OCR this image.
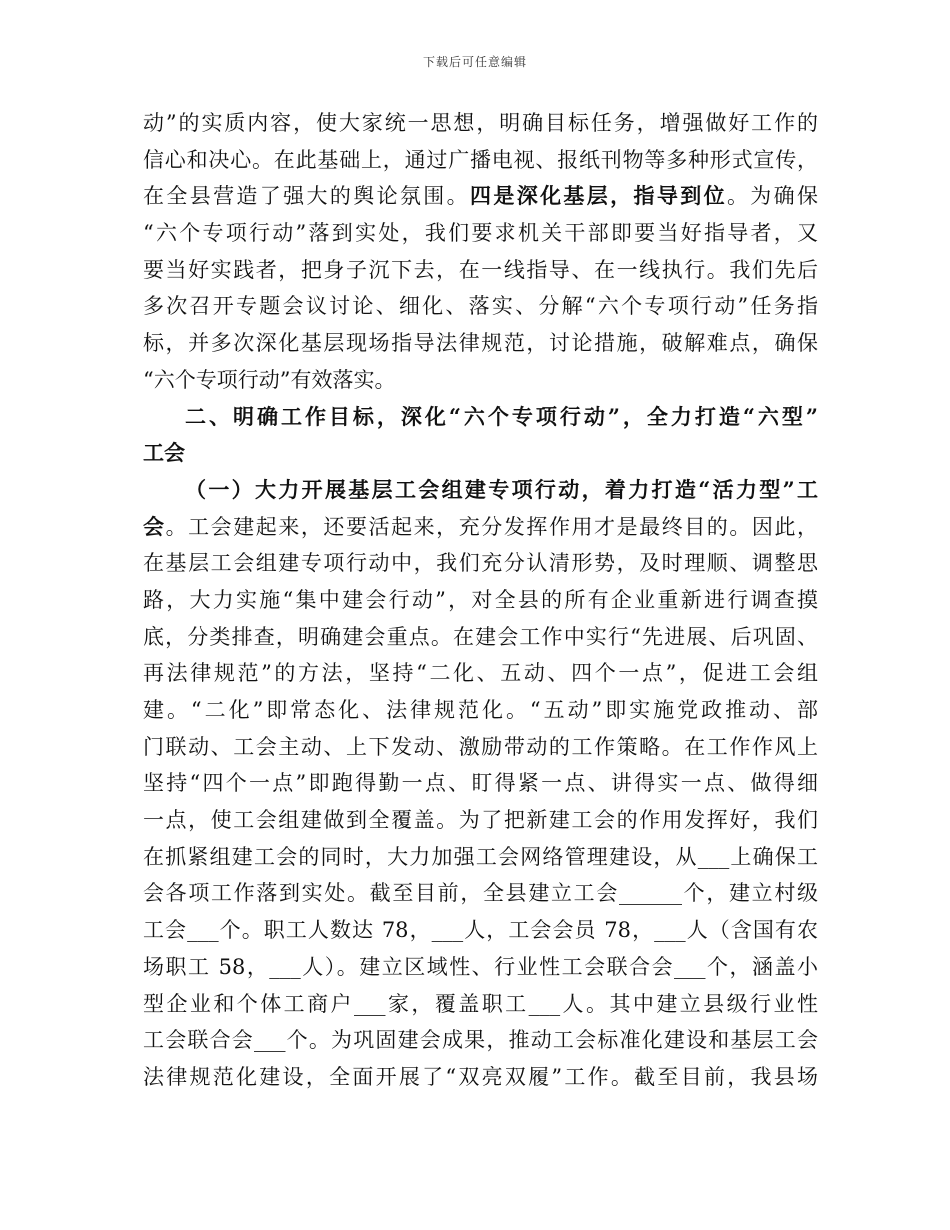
下载后可任意编辑
动”的实质内容，使大家统一思想，明确目标任务，增强做好工作的
信心和决心。在此基础上，通过广播电视、报纸刊物等多种形式宣传，
在全县营造了强大的舆论氛围。四是深化基层，指导到位。为确保
“六个专项行动”落到实处，我们要求机关干部即要当好指导者，又
要当好实践者，把身子沉下去，在一线指导、在一线执行。我们先后
多次召开专题会议讨论、细化、落实、分解“六个专项行动”任务指
标，并多次深化基层现场指导法律规范，讨论措施，破解难点，确保
“六个专项行动”有效落实。
二、明确工作目标，深化“六个专项行动”，全力打造“六型”
工会
（一）大力开展基层工会组建专项行动，着力打造“活力型”工
会。工会建起来，还要活起来，充分发挥作用才是最终目的。因此，
在基层工会组建专项行动中，我们充分认清形势，及时理顺、调整思
路，大力实施“集中建会行动”，对全县的所有企业重新进行调查摸
底，分类排查，明确建会重点。在建会工作中实行“先进展、后巩固、
再法律规范”的方法，坚持“二化、五动、四个一点”，促进工会组
建。“二化”即常态化、法律规范化。“五动”即实施党政推动、部
门联动、工会主动、上下发动、激励带动的工作策略。在工作作风上
坚持“四个一点”即跑得勤一点、盯得紧一点、讲得实一点、做得细
一点，使工会组建做到全覆盖。为了把新建工会的作用发挥好，我们
在抓紧组建工会的同时，大力加强工会网络管理建设，从___上确保工
会各项工作落到实处。截至目前，全县建立工会______个，建立村级
工会___个。职工人数达 78，___人，工会会员 78，___人（含国有农
场职工 58，___人）。建立区域性、行业性工会联合会___个，涵盖小
型企业和个体工商户___家，覆盖职工___人。其中建立县级行业性
工会联合会___个。为巩固建会成果，推动工会标准化建设和基层工会
法律规范化建设，全面开展了“双亮双履”工作。截至目前，我县场
